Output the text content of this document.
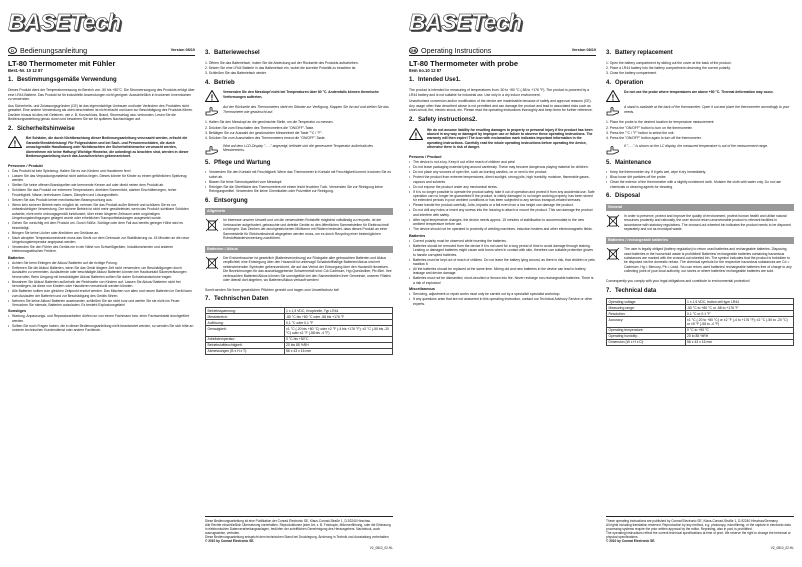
BASETech
D Bedienungsanleitung	Version 08/10
LT-80 Thermometer mit Fühler
Best.-Nr. 10 12 87
1. Bestimmungsgemäße Verwendung
Dieses Produkt dient der Temperaturmessung im Bereich von -50 bis +80°C. Die Stromversorgung des Produkts erfolgt über eine LR44 Batterie. Das Produkt ist für industrielle Anwendungen nicht geeignet. Ausschließlich in trockenen Innenräumen zu verwenden.
Aus Sicherheits- und Zulassungsgründen (CE) ist das eigenmächtige Umbauen und/oder Verändern des Produktes nicht gestattet. Eine andere Verwendung als oben beschrieben ist nicht erlaubt und kann zur Beschädigung des Produkts führen. Darüber hinaus ist dies mit Gefahren, wie z. B. Kurzschluss, Brand, Stromschlag usw. verbunden. Lesen Sie die Bedienungsanleitung genau durch und bewahren Sie sie für späteres Nachschlagen auf.
2. Sicherheitshinweise
!
Bei Schäden, die durch Nichtbeachtung dieser Bedienungsanleitung verursacht werden, erlischt die Garantie/Gewährleistung! Für Folgeschäden und bei Sach- und Personenschäden, die durch unsachgemäße Handhabung oder Nichtbeachten der Sicherheitshinweise verursacht werden, übernehmen wir keine Haftung! Wichtige Hinweise, die unbedingt zu beachten sind, werden in dieser Bedienungsanleitung durch das Ausrufezeichen gekennzeichnet.
Personen / Produkt
• Das Produkt ist kein Spielzeug. Halten Sie es von Kindern und Haustieren fern!
• Lassen Sie das Verpackungsmaterial nicht achtlos liegen. Dieses könnte für Kinder zu einem gefährlichen Spielzeug werden.
• Stellen Sie keine offenen Brandquellen wie brennende Kerzen auf oder direkt neben dem Produkt ab.
• Schützen Sie das Produkt vor extremen Temperaturen, direktem Sonnenlicht, starken Erschütterungen, hoher Feuchtigkeit, Nässe, brennbaren Gasen, Dämpfen und Lösungsmitteln.
• Setzen Sie das Produkt keiner mechanischen Beanspruchung aus.
• Wenn kein sicherer Betrieb mehr möglich ist, nehmen Sie das Produkt außer Betrieb und schützen Sie es vor unbeabsichtigter Verwendung. Der sichere Betrieb ist nicht mehr gewährleistet, wenn das Produkt: sichtbare Schäden aufweist, nicht mehr ordnungsgemäß funktioniert, über einen längeren Zeitraum unter ungünstigen Umgebungsbedingungen gelagert wurde oder erheblichen Transportbelastungen ausgesetzt wurde.
• Gehen Sie vorsichtig mit dem Produkt um. Durch Stöße, Schläge oder dem Fall aus bereits geringer Höhe wird es beschädigt.
• Bringen Sie keine Löcher oder ähnlichen am Gehäuse an.
• Nach abrupten Temperaturwechseln muss das Gerät vor dem Gebrauch zur Stabilisierung ca. 15 Minuten an die neue Umgebungstemperatur angepasst werden.
• Verwenden Sie den Fühler des Geräts nie in der Nähe von Schweißgeräten, Induktionsherden und anderen elektromagnetischen Feldern.
Batterien
• Achten Sie beim Einlegen der Akkus/ Batterien auf die richtige Polung.
• Entfernen Sie die Akkus/ Batterien, wenn Sie das Gerät längere Zeit nicht verwenden, um Beschädigungen durch Auslaufen zu vermeiden. Auslaufende oder beschädigte Akkus/ Batterien können bei Hautkontakt Säureverätzungen hervorrufen. Beim Umgang mit beschädigten Akkus/ Batterien sollten Sie daher Schutzhandschuhe tragen.
• Bewahren Sie Akkus/ Batterien außerhalb der Reichweite von Kindern auf. Lassen Sie Akkus/ Batterien nicht frei herumliegen, da diese von Kindern oder Haustieren verschluckt werden könnten.
• Alle Batterien sollten zum gleichen Zeitpunkt ersetzt werden. Das Mischen von alten und neuen Batterien im Gerät kann zum Auslaufen der Batterien und zur Beschädigung des Geräts führen.
• Nehmen Sie keine Akkus/ Batterien auseinander, schließen Sie sie nicht kurz und werfen Sie sie nicht ins Feuer. Versuchen Sie niemals, Batterien aufzuladen. Es besteht Explosionsgefahr!
Sonstiges
• Wartung, Anpassungs- und Reparaturarbeiten dürfen nur von einem Fachmann bzw. einer Fachwerkstatt durchgeführt werden.
• Sollten Sie noch Fragen haben, die in dieser Bedienungsanleitung nicht beantwortet werden, so wenden Sie sich bitte an unseren technischen Kundendienst oder andere Fachleute.
3. Batteriewechsel
1. Öffnen Sie das Batteriefach, indem Sie die Abdeckung auf der Rückseite des Produkts aufschieben.
2. Setzen Sie eine LR44 Batterie in das Batteriefach ein, wobei die korrekte Polarität zu beachten ist.
3. Schließen Sie das Batteriefach wieder.
4. Betrieb
!
Verwenden Sie den Messkopf nicht bei Temperaturen über 80 °C. Andernfalls können thermische Verformungen auftreten.
Auf der Rückseite des Thermometers steht ein Ständer zur Verfügung. Klappen Sie ihn auf und stellen Sie das Thermometer wie gewünscht auf.
1. Halten Sie den Messkopf an die gewünschte Stelle, um die Temperatur zu messen.
2. Drücken Sie zum Einschalten des Thermometers die "ON/OFF"-Taste.
3. Betätigen Sie zur Auswahl der gewünschten Messeinheit die Taste "°C / °F".
4. Drücken Sie zum Ausschalten des Thermometers erneut die "ON/OFF"-Taste.
Wird auf dem LCD-Display "- - -" angezeigt, befindet sich die gemessene Temperatur außerhalb des Messbereichs.
5. Pflege und Wartung
• Verwenden Sie den Kontakt mit Feuchtigkeit. Wenn das Thermometer in Kontakt mit Feuchtigkeit kommt, trocknen Sie es sofort ab.
• Blasen Sie feine Schmutzpartikel vom Messkopf.
• Reinigen Sie die Oberfläche des Thermometers mit einem leicht feuchten Tuch. Verwenden Sie zur Reinigung keine Reinigungsmittel. Verwenden Sie keine Chemikalien oder Putzmittel zur Reinigung.
6. Entsorgung
Allgemein
Im Interesse unserer Umwelt und um die verwendeten Rohstoffe möglichst vollständig zu recyceln, ist der Verbraucher aufgefordert, gebrauchte und defekte Geräte zu den öffentlichen Sammelstellen für Elektroschrott zu bringen. Das Zeichen der durchgestrichenen Mülltonne mit Rädern bedeutet, dass dieses Produkt an einer Sammelstelle für Elektronikschrott abgegeben werden muss, um es durch Recycling einer bestmöglichen Rohstoffwiederverwertung zuzuführen.
Batterien / Akkus
Der Endverbraucher ist gesetzlich (Batterieverordnung) zur Rückgabe aller gebrauchten Batterien und Akkus verpflichtet; eine Entsorgung über den Hausmüll ist untersagt! Schadstoffhaltige Batterien/Akkus sind mit nebenstehenden Symbolen gekennzeichnet, die auf das Verbot der Entsorgung über den Hausmüll hinweisen. Die Bezeichnungen für das ausschlaggebende Schwermetall sind: Cd=Cadmium, Hg=Quecksilber, Pb=Blei. Ihre verbrauchten Batterien/Akkus können Sie unentgeltlich bei den Sammelstellen Ihrer Gemeinde, unseren Filialen oder überall dort abgeben, wo Batterien/Akkus verkauft werden!
Somit werden Sie Ihren gesetzlichen Pflichten gerecht und tragen zum Umweltschutz bei!
7. Technischen Daten
Betriebsspannung:	1 x 1,5 VDC, Knopfzelle, Typ LR44
Messbereich:	-50 °C bis +80 °C oder -58 bis +176 °F
Auflösung:	0,1 °C oder 0,1 °F
Genauigkeit:	±1 °C (-20 bis +80 °C) oder ±2 °F (-4 bis +176 °F); ±2 °C (-50 bis -20 °C) oder ±2 °F (-58 bis -4 °F)
Arbeitstemperatur:	0 °C bis +50°C
Betriebsluftfeuchtigkeit:	20 bis 85 %RH
Abmessungen (B x H x T):	56 x 43 x 16 mm
Diese Bedienungsanleitung ist eine Publikation der Conrad Electronic SE, Klaus-Conrad-Straße 1, D-92240 Hirschau.
Alle Rechte einschließlich Übersetzung vorbehalten. Reproduktionen jeder Art, z. B. Fotokopie, Mikroverfilmung, oder die Erfassung in elektronischen Datenverarbeitungsanlagen, bedürfen der schriftlichen Genehmigung des Herausgebers. Nachdruck, auch auszugsweise, verboten.
Diese Bedienungsanleitung entspricht dem technischen Stand bei Drucklegung. Änderung in Technik und Ausstattung vorbehalten.
© 2010 by Conrad Electronic SE.
V2_0810_02-HL
BASETech
GB Operating Instructions	Version 08/10
LT-80 Thermometer with probe
Item no.10 12 87
1. Intended Use1.
The product is intended for measuring of temperatures from -50 to +80 °C (-58 to +176 °F). The product is powered by a LR44 battery and is not suitable for industrial use. Use only in a dry indoor environment.
Unauthorised conversion and/or modification of the device are inadmissible because of safety and approval reasons (CE). Any usage other than described above is not permitted and can damage the product and lead to associated risks such as short-circuit, fire, electric shock, etc. Please read the operating instructions thoroughly and keep them for further reference.
2. Safety instructions2.
!
We do not assume liability for resulting damages to property or personal injury if the product has been abused in any way or damaged by improper use or failure to observe these operating instructions. The warranty will then expire! The icon with exclamation mark indicates important information in the operating instructions. Carefully read the whole operating instructions before operating the device, otherwise there is risk of danger.
Persons / Product
• The device is not a toy. Keep it out of the reach of children and pets!
• Do not leave packaging material lying around carelessly. These may become dangerous playing material for children.
• Do not place any sources of open fire, such as burning candles, on or next to the product.
• Protect the product from extreme temperatures, direct sunlight, strong jolts, high humidity, moisture, flammable gases, vapours and solvents.
• Do not expose the product under any mechanical stress.
• If it is no longer possible to operate the product safely, take it out of operation and protect it from any accidental use. Safe operation can no longer be guaranteed if the product: is visibly damaged, is no longer working properly, has been stored for extended periods in poor ambient conditions or has been subjected to any serious transport-related stresses.
• Please handle the product carefully. Jolts, impacts or a fall even from a low height can damage the product.
• Do not drill any holes or insert any screws into the housing to attach or mount the product. This can damage the product and interfere with safety.
• After rapid temperature changes, the device needs approx. 15 minutes of stabilisation to accommodate to the new ambient temperature before use.
• The device should not be operated in proximity of welding machines, induction heaters and other electromagnetic fields.
Batteries
• Correct polarity must be observed while inserting the batteries.
• Batteries should be removed from the device if it is not used for a long period of time to avoid damage through leaking. Leaking or damaged batteries might cause acid burns when in contact with skin, therefore use suitable protective gloves to handle corrupted batteries.
• Batteries must be kept out of reach of children. Do not leave the battery lying around, as there is risk, that children or pets swallow it.
• All the batteries should be replaced at the same time. Mixing old and new batteries in the device can lead to battery leakage and device damage.
• Batteries must not be dismantled, short-circuited or thrown into fire. Never recharge non-rechargeable batteries. There is a risk of explosion!
Miscellaneous
• Servicing, adjustment or repair works must only be carried out by a specialist/ specialist workshop.
• If any questions arise that are not answered in this operating instruction, contact our Technical Advisory Service or other experts.
3. Battery replacement
1. Open the battery compartment by sliding out the cover at the back of the product.
2. Place a LR44 battery into the battery compartment observing the correct polarity.
3. Close the battery compartment.
4. Operation
!
Do not use the probe where temperatures are above +80 °C. Thermal deformation may occur.
A stand is available at the back of the thermometer. Open it out and place the thermometer accordingly to your needs.
1. Place the probe to the desired location for temperature measurement.
2. Press the "ON/OFF" button to turn on the thermometer.
3. Press the "°C / °F" button to select the unit.
4. Press the "ON/OFF" button again to turn off the thermometer.
If "- - -" is shown on the LC display, the measured temperature is out of the measurement range.
5. Maintenance
• Keep the thermometer dry. If it gets wet, wipe it dry immediately.
• Blow loose dirt particles off the probe.
• Clean the exterior of the thermometer with a slightly moistened cloth. Moisten the cloth with water only. Do not use chemicals or cleaning agents for cleaning.
6. Disposal
General
In order to preserve, protect and improve the quality of environment, protect human health and utilise natural resources prudently and rationally, the user should return unserviceable product to relevant facilities in accordance with statutory regulations. The crossed-out wheeled bin indicates the product needs to be disposed separately and not as municipal waste.
Batteries / rechargeable batteries
The user is legally obliged (battery regulation) to return used batteries and rechargeable batteries. Disposing used batteries in the household waste is prohibited! Batteries/ rechargeable batteries containing hazardous substances are marked with the crossed-out wheeled bin. The symbol indicates that the product is forbidden to be disposed via the domestic refuse. The chemical symbols for the respective hazardous substances are Cd = Cadmium, Hg = Mercury, Pb = Lead. You can return used batteries/ rechargeable batteries free of charge to any collecting point of your local authority, our stores or where batteries/ rechargeable batteries are sold.
Consequently you comply with your legal obligations and contribute to environmental protection!
7. Technical data
Operating voltage:	1 x 1.5 VDC, button cell type LR44
Measuring range:	-50 °C to +80 °C or -58 to +176 °F
Resolution:	0.1 °C or 0.1 °F
Accuracy:	±1 °C (-20 to +80 °C) or ±2 °F (-4 to +176 °F); ±2 °C (-50 to -20 °C) or ±5 °F (-58 to -4 °F)
Operating temperature:	0 °C to +50 °C
Operating humidity:	20 to 85 %RH
Dimension (W x H x D):	56 x 43 x 16 mm
These operating instructions are published by Conrad Electronic SE, Klaus-Conrad-Straße 1, D-92240 Hirschau/Germany.
All rights including translation reserved. Reproduction by any method, e.g. photocopy, microfilming, or the capture in electronic data processing systems require the prior written approval by the editor. Reprinting, also in part, is prohibited.
The operating instructions reflect the current technical specifications at time of print. We reserve the right to change the technical or physical specifications.
© 2010 by Conrad Electronic SE.
V2_0810_02-HL
